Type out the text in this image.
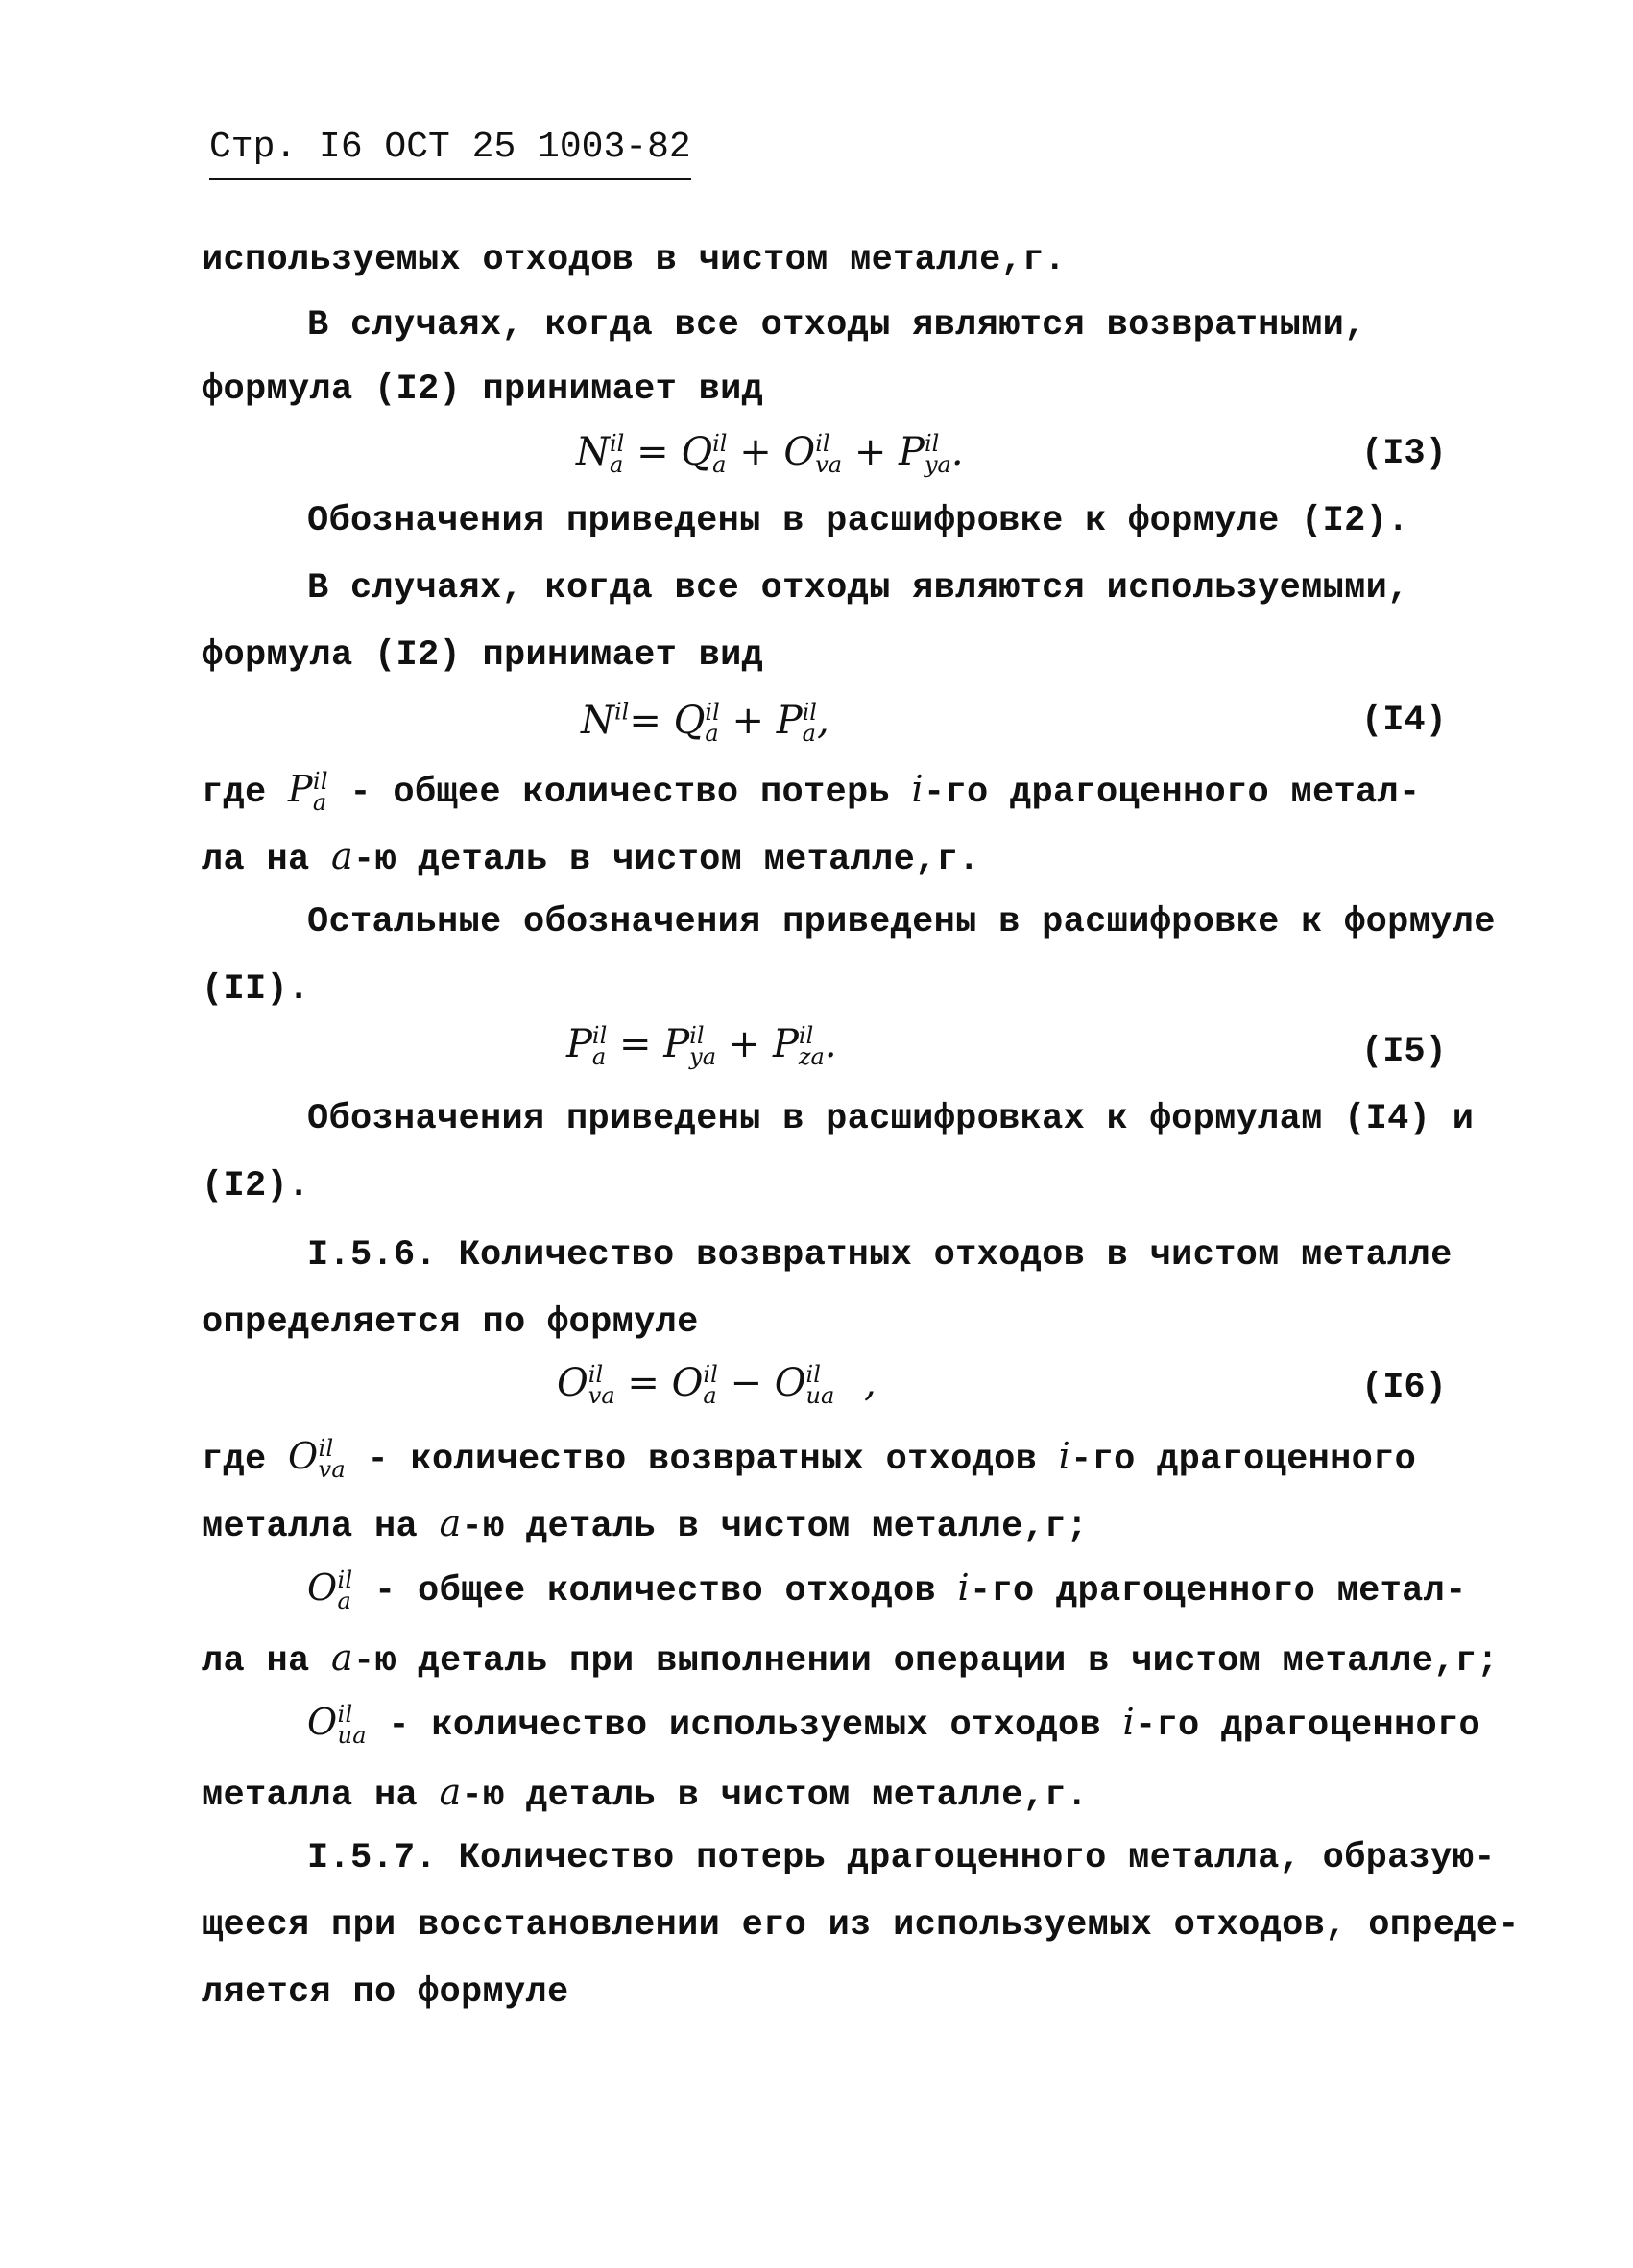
Стр. I6 ОСТ 25 1003-82
используемых отходов в чистом металле,г.
В случаях, когда все отходы являются возвратными,
формула (I2) принимает вид
N il
a = Q il
a + O il
va + P il
ya .	(I3)
Обозначения приведены в расшифровке к формуле (I2).
В случаях, когда все отходы являются используемыми,
формула (I2) принимает вид
$N^{il}= Q$ il
a + P il
a ,	(I4)
где P il
a - общее количество потерь i-го драгоценного метал-
ла на a-ю деталь в чистом металле,г.
Остальные обозначения приведены в расшифровке к формуле
(II).
P il
a = P il
ya + P il
za .	(I5)
Обозначения приведены в расшифровках к формулам (I4) и
(I2).
I.5.6. Количество возвратных отходов в чистом металле
определяется по формуле
O il
va = O il
a − O il
ua ,	(I6)
где O il
va - количество возвратных отходов i-го драгоценного
металла на a-ю деталь в чистом металле,г;
O il
a - общее количество отходов i-го драгоценного метал-
ла на a-ю деталь при выполнении операции в чистом металле,г;
O il
ua - количество используемых отходов i-го драгоценного
металла на a-ю деталь в чистом металле,г.
I.5.7. Количество потерь драгоценного металла, образую-
щееся при восстановлении его из используемых отходов, опреде-
ляется по формуле
